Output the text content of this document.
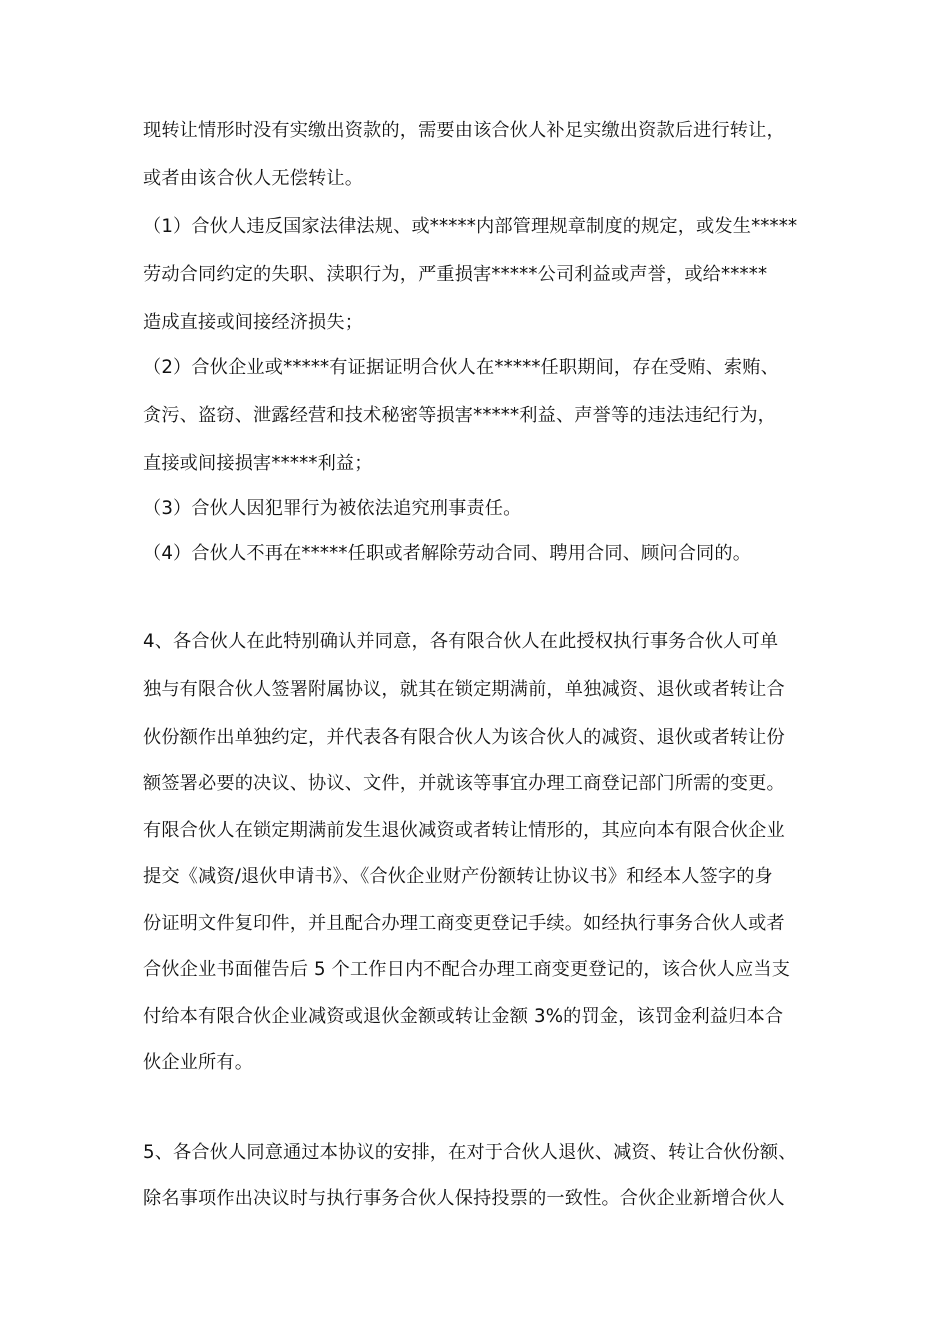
现转让情形时没有实缴出资款的，需要由该合伙人补足实缴出资款后进行转让，
或者由该合伙人无偿转让。
（1）合伙人违反国家法律法规、或*****内部管理规章制度的规定，或发生*****
劳动合同约定的失职、渎职行为，严重损害*****公司利益或声誉，或给*****
造成直接或间接经济损失；
（2）合伙企业或*****有证据证明合伙人在*****任职期间，存在受贿、索贿、
贪污、盗窃、泄露经营和技术秘密等损害*****利益、声誉等的违法违纪行为，
直接或间接损害*****利益；
（3）合伙人因犯罪行为被依法追究刑事责任。
（4）合伙人不再在*****任职或者解除劳动合同、聘用合同、顾问合同的。
4、各合伙人在此特别确认并同意，各有限合伙人在此授权执行事务合伙人可单
独与有限合伙人签署附属协议，就其在锁定期满前，单独减资、退伙或者转让合
伙份额作出单独约定，并代表各有限合伙人为该合伙人的减资、退伙或者转让份
额签署必要的决议、协议、文件，并就该等事宜办理工商登记部门所需的变更。
有限合伙人在锁定期满前发生退伙减资或者转让情形的，其应向本有限合伙企业
提交《减资/退伙申请书》、《合伙企业财产份额转让协议书》和经本人签字的身
份证明文件复印件，并且配合办理工商变更登记手续。如经执行事务合伙人或者
合伙企业书面催告后 5 个工作日内不配合办理工商变更登记的，该合伙人应当支
付给本有限合伙企业减资或退伙金额或转让金额 3%的罚金，该罚金利益归本合
伙企业所有。
5、各合伙人同意通过本协议的安排，在对于合伙人退伙、减资、转让合伙份额、
除名事项作出决议时与执行事务合伙人保持投票的一致性。合伙企业新增合伙人
